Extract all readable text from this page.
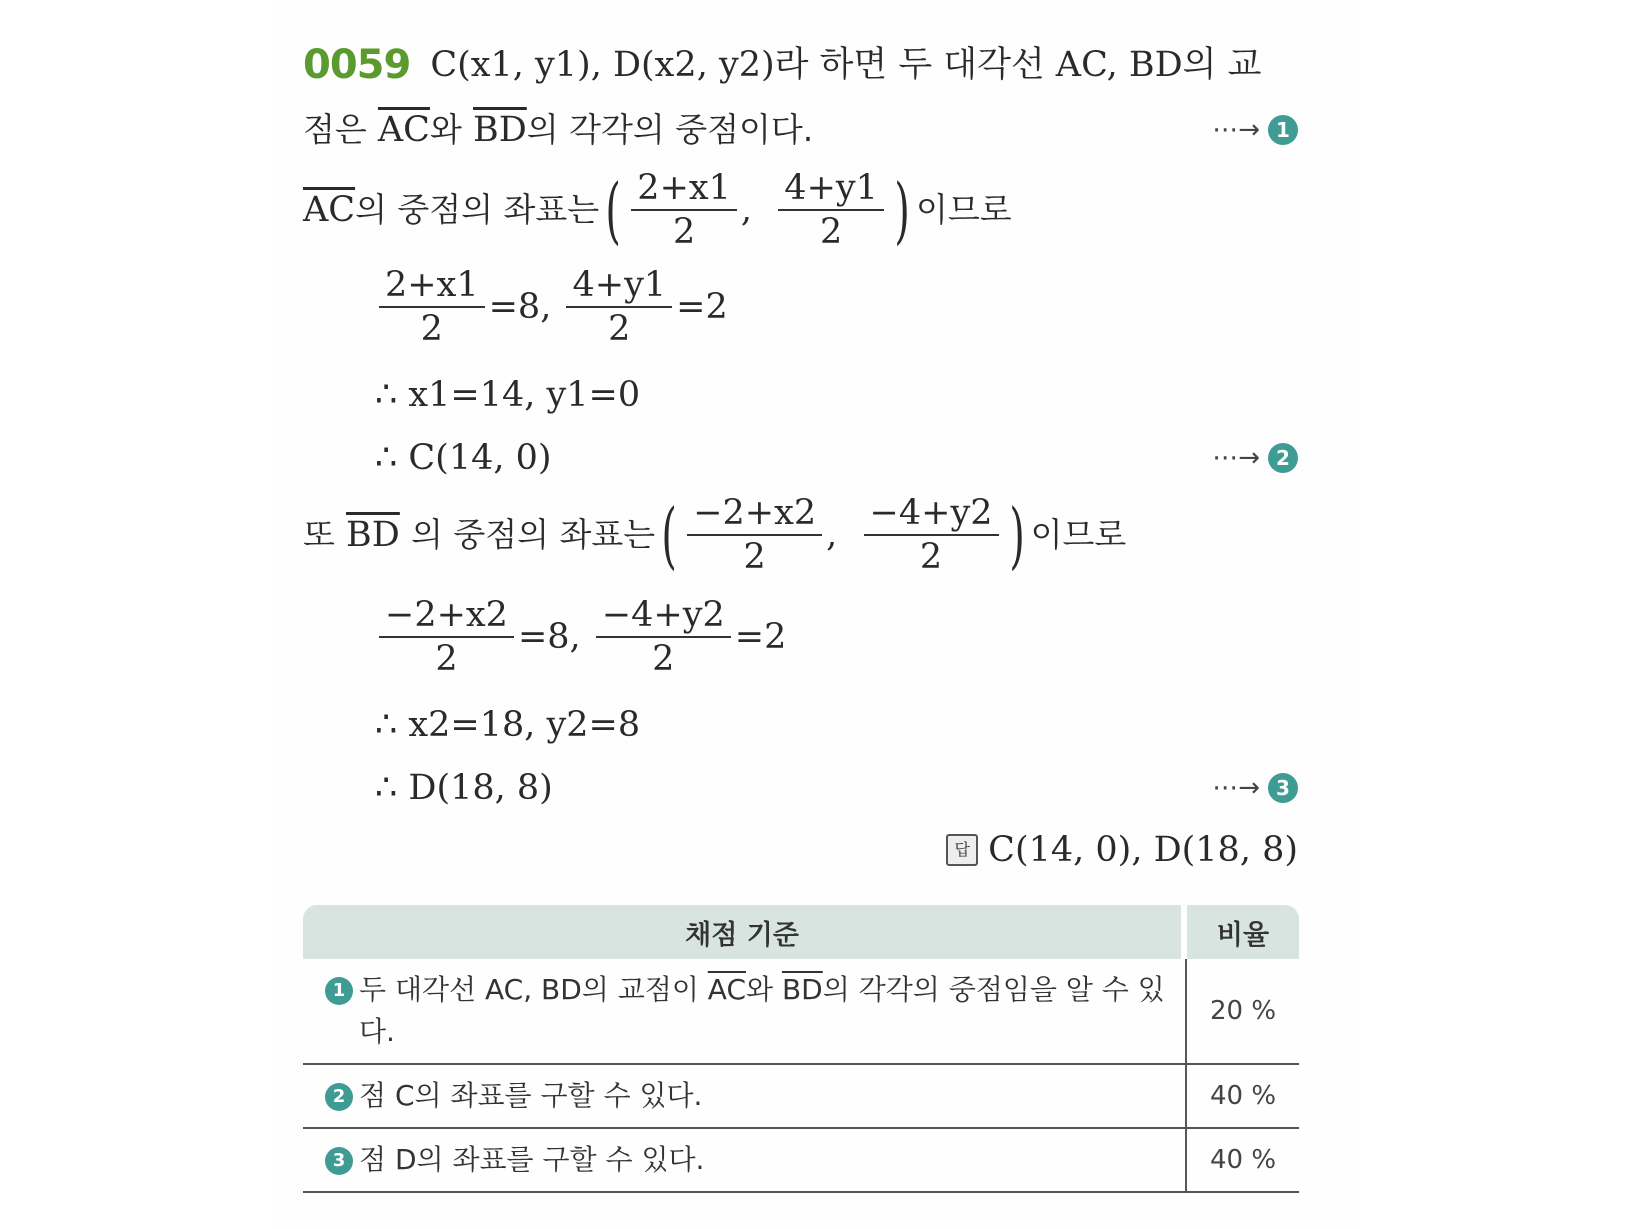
0059 C(x1, y1), D(x2, y2)라 하면 두 대각선 AC, BD의 교
점은
$\overline{AC}$ 와
$\overline{BD}$ 의 각각의 중점이다.	⋯→ 1
$\overline{AC}$ 의 중점의 좌표는 ( $\frac{2+x1}{2}$ , $\frac{4+y1}{2}$ ) 이므로
$\frac{2+x1}{2} =8$,
$\frac{4+y1}{2} =2$
∴ x1=14, y1=0
∴ C(14, 0)	⋯→ 2
또
$\overline{BD}$
의 중점의 좌표는 ( $\frac{-2+x2}{2}$ , $\frac{-4+y2}{2}$ ) 이므로
$\frac{-2+x2}{2} =8$,
$\frac{-4+y2}{2} =2$
∴ x2=18, y2=8
∴ D(18, 8)	⋯→ 3
답 C(14, 0), D(18, 8)
채점 기준	비율
1 두 대각선 AC, BD의 교점이 $\overline{AC}$와 $\overline{BD}$의 각각의 중점임을 알 수 있다.	20 %
2 점 C의 좌표를 구할 수 있다.	40 %
3 점 D의 좌표를 구할 수 있다.	40 %
